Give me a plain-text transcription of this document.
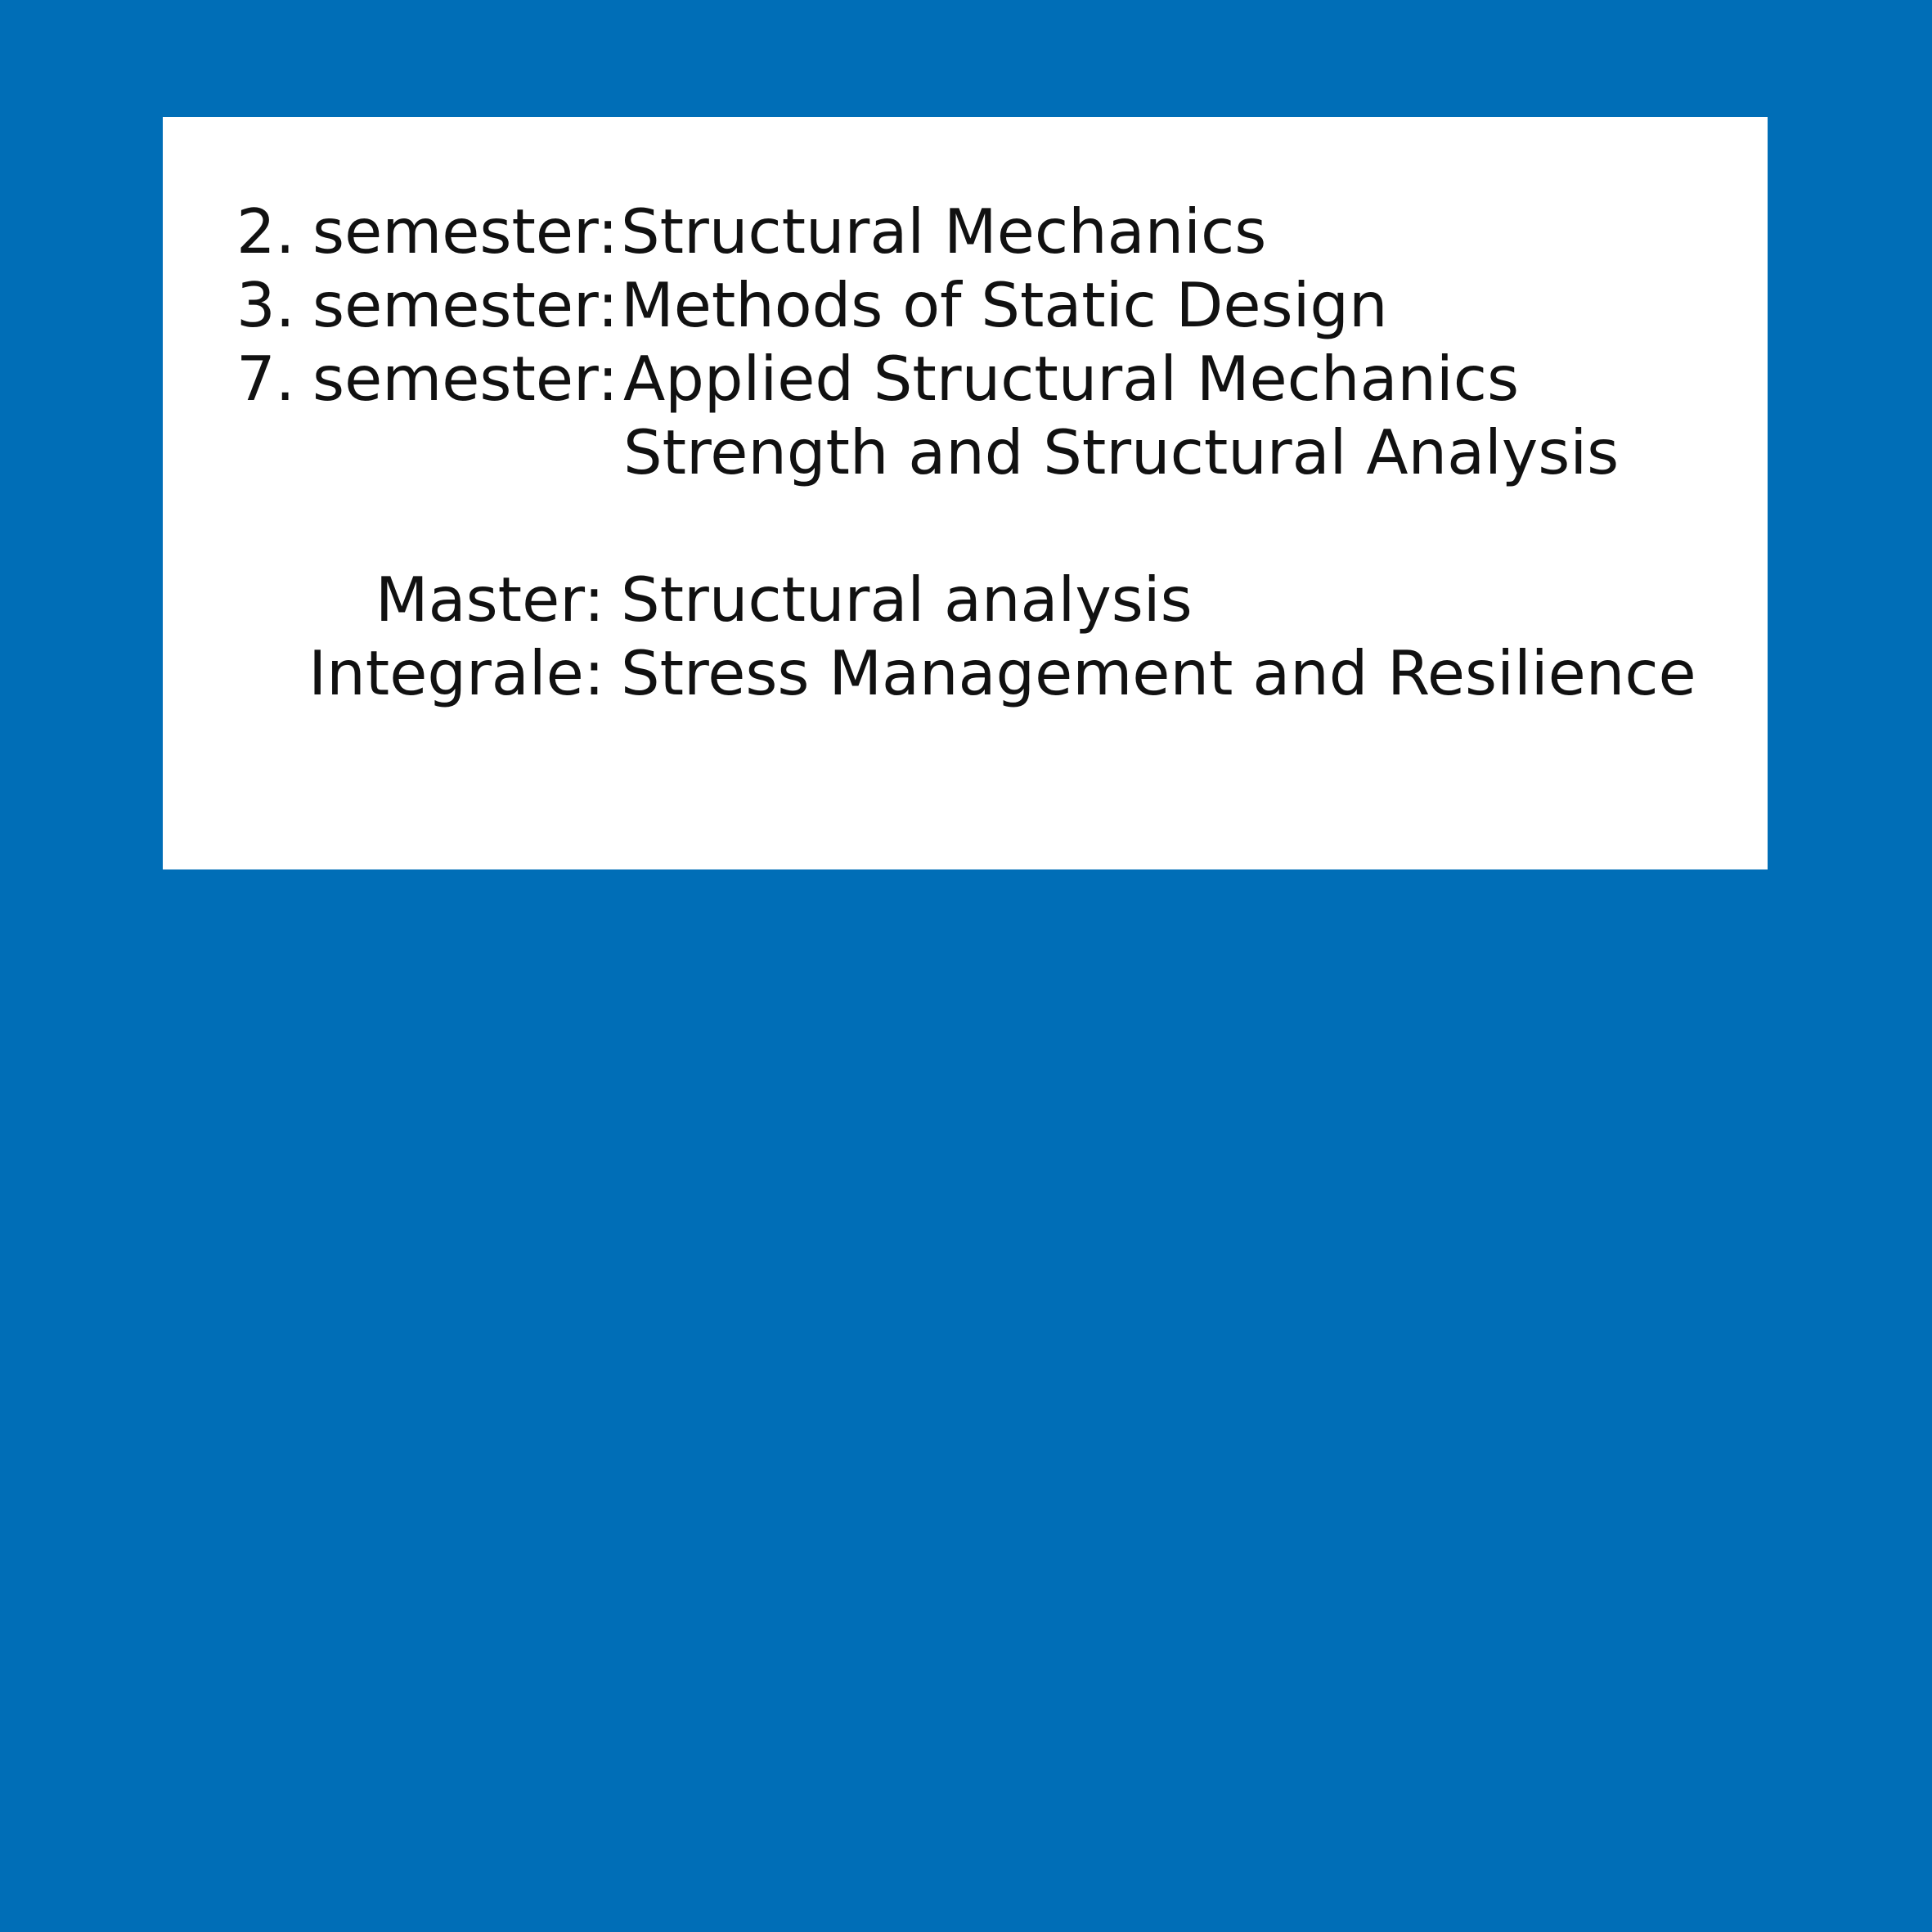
2. semester: Structural Mechanics
3. semester: Methods of Static Design
7. semester: Applied Structural Mechanics
Strength and Structural Analysis
Master: Structural analysis
Integrale: Stress Management and Resilience
